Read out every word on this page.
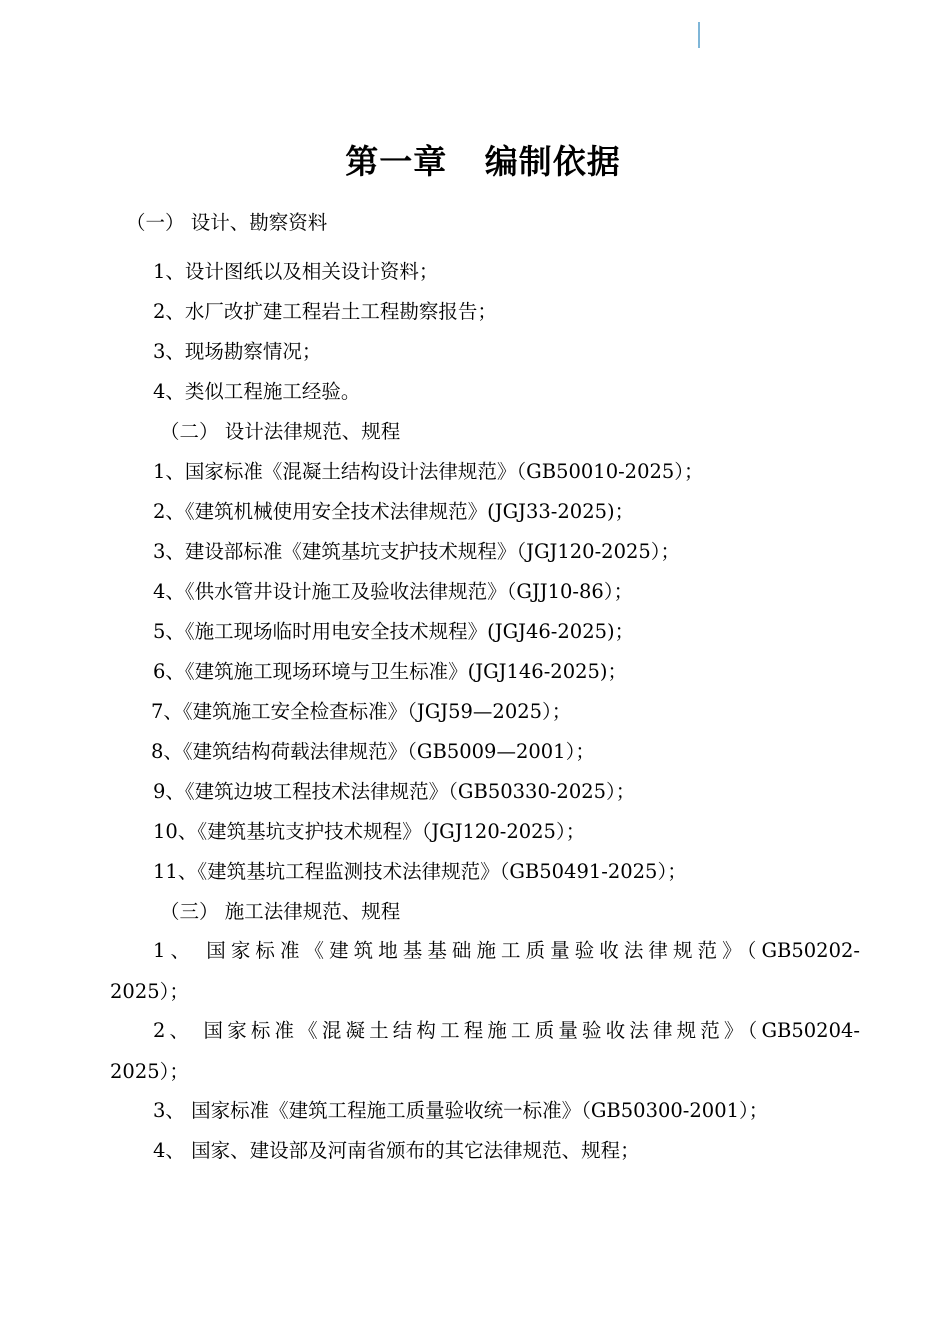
第一章   编制依据
（一） 设计、勘察资料
1、设计图纸以及相关设计资料；
2、水厂改扩建工程岩土工程勘察报告；
3、现场勘察情况；
4、类似工程施工经验。
（二） 设计法律规范、规程
1、国家标准《混凝土结构设计法律规范》（GB50010-2025）；
2、《建筑机械使用安全技术法律规范》(JGJ33-2025)；
3、建设部标准《建筑基坑支护技术规程》（JGJ120-2025）；
4、《供水管井设计施工及验收法律规范》（GJJ10-86）；
5、《施工现场临时用电安全技术规程》(JGJ46-2025)；
6、《建筑施工现场环境与卫生标准》(JGJ146-2025)；
7、《建筑施工安全检查标准》（JGJ59—2025）；
8、《建筑结构荷载法律规范》（GB5009—2001）；
9、《建筑边坡工程技术法律规范》（GB50330-2025）；
10、《建筑基坑支护技术规程》（JGJ120-2025）；
11、《建筑基坑工程监测技术法律规范》（GB50491-2025）；
（三） 施工法律规范、规程
1、 国家标准《建筑地基基础施工质量验收法律规范》（GB50202-
2025）；
2、 国家标准《混凝土结构工程施工质量验收法律规范》（GB50204-
2025）；
3、 国家标准《建筑工程施工质量验收统一标准》（GB50300-2001）；
4、 国家、建设部及河南省颁布的其它法律规范、规程；
